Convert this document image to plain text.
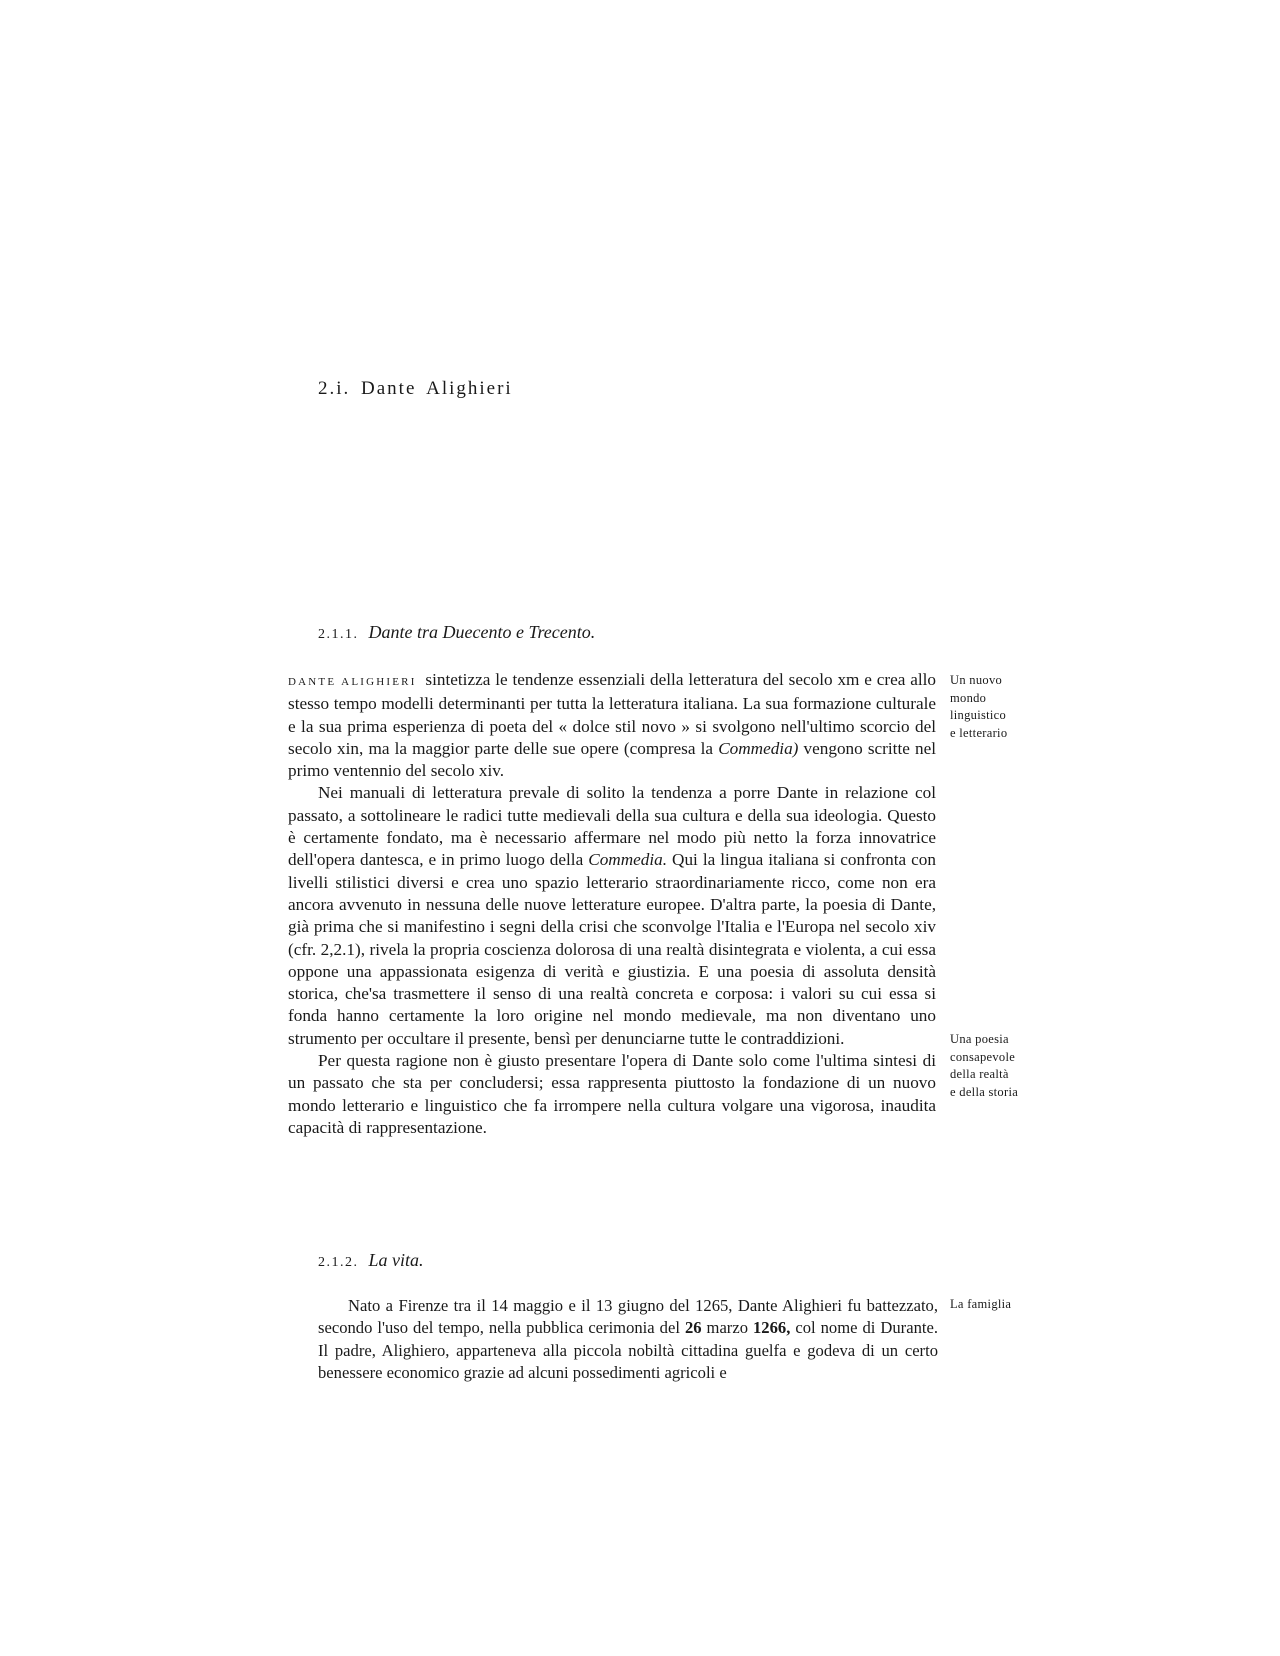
2.i. Dante Alighieri
2.1.1. Dante tra Duecento e Trecento.

DANTE ALIGHIERI sintetizza le tendenze essenziali della letteratura del secolo xm e crea allo stesso tempo modelli determinanti per tutta la letteratura italiana. La sua formazione culturale e la sua prima esperienza di poeta del « dolce stil novo » si svolgono nell'ultimo scorcio del secolo xin, ma la maggior parte delle sue opere (compresa la Commedia) vengono scritte nel primo ventennio del secolo xiv.

Nei manuali di letteratura prevale di solito la tendenza a porre Dante in relazione col passato, a sottolineare le radici tutte medievali della sua cultura e della sua ideologia. Questo è certamente fondato, ma è necessario affermare nel modo più netto la forza innovatrice dell'opera dantesca, e in primo luogo della Commedia. Qui la lingua italiana si confronta con livelli stilistici diversi e crea uno spazio letterario straordinariamente ricco, come non era ancora avvenuto in nessuna delle nuove letterature europee. D'altra parte, la poesia di Dante, già prima che si manifestino i segni della crisi che sconvolge l'Italia e l'Europa nel secolo xiv (cfr. 2,2.1), rivela la propria coscienza dolorosa di una realtà disintegrata e violenta, a cui essa oppone una appassionata esigenza di verità e giustizia. E una poesia di assoluta densità storica, che'sa trasmettere il senso di una realtà concreta e corposa: i valori su cui essa si fonda hanno certamente la loro origine nel mondo medievale, ma non diventano uno strumento per occultare il presente, bensì per denunciarne tutte le contraddizioni.

Per questa ragione non è giusto presentare l'opera di Dante solo come l'ultima sintesi di un passato che sta per concludersi; essa rappresenta piuttosto la fondazione di un nuovo mondo letterario e linguistico che fa irrompere nella cultura volgare una vigorosa, inaudita capacità di rappresentazione.

2.1.2. La vita.

Nato a Firenze tra il 14 maggio e il 13 giugno del 1265, Dante Alighieri fu battezzato, secondo l'uso del tempo, nella pubblica cerimonia del 26 marzo 1266, col nome di Durante. Il padre, Alighiero, apparteneva alla piccola nobiltà cittadina guelfa e godeva di un certo benessere economico grazie ad alcuni possedimenti agricoli e

Un nuovo
mondo
linguistico
e letterario
Una poesia
consapevole
della realtà
e della storia
La famiglia
